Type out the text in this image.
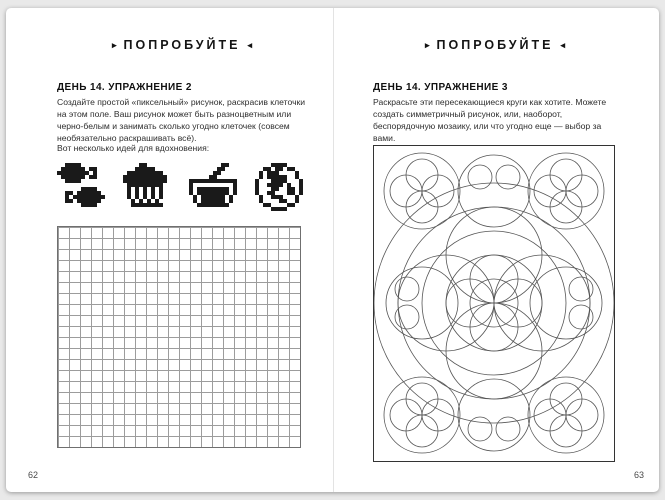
▸ ПОПРОБУЙТЕ ◂
ДЕНЬ 14. УПРАЖНЕНИЕ 2
Создайте простой «пиксельный» рисунок, раскрасив клеточки на этом поле. Ваш рисунок может быть разноцветным или черно-белым и занимать сколько угодно клеточек (совсем необязательно раскрашивать всё).
Вот несколько идей для вдохновения:
62
▸ ПОПРОБУЙТЕ ◂
ДЕНЬ 14. УПРАЖНЕНИЕ 3
Раскрасьте эти пересекающиеся круги как хотите. Можете создать симметричный рисунок, или, наоборот, беспорядочную мозаику, или что угодно еще — выбор за вами.
63
